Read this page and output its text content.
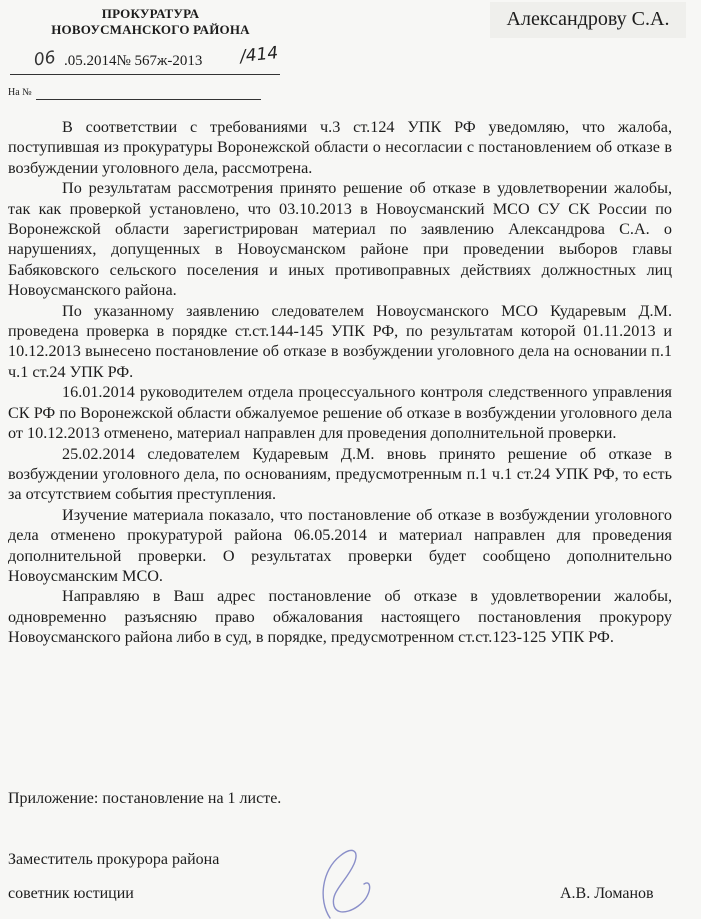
ПРОКУРАТУРА
НОВОУСМАНСКОГО РАЙОНА	Александрову С.А.
06 .05.2014№ 567ж-2013 /414
На №

В соответствии с требованиями ч.3 ст.124 УПК РФ уведомляю, что жалоба, поступившая из прокуратуры Воронежской области о несогласии с постановлением об отказе в возбуждении уголовного дела, рассмотрена.

По результатам рассмотрения принято решение об отказе в удовлетворении жалобы, так как проверкой установлено, что 03.10.2013 в Новоусманский МСО СУ СК России по Воронежской области зарегистрирован материал по заявлению Александрова С.А. о нарушениях, допущенных в Новоусманском районе при проведении выборов главы Бабяковского сельского поселения и иных противоправных действиях должностных лиц Новоусманского района.

По указанному заявлению следователем Новоусманского МСО Кударевым Д.М. проведена проверка в порядке ст.ст.144-145 УПК РФ, по результатам которой 01.11.2013 и 10.12.2013 вынесено постановление об отказе в возбуждении уголовного дела на основании п.1 ч.1 ст.24 УПК РФ.

16.01.2014 руководителем отдела процессуального контроля следственного управления СК РФ по Воронежской области обжалуемое решение об отказе в возбуждении уголовного дела от 10.12.2013 отменено, материал направлен для проведения дополнительной проверки.

25.02.2014 следователем Кударевым Д.М. вновь принято решение об отказе в возбуждении уголовного дела, по основаниям, предусмотренным п.1 ч.1 ст.24 УПК РФ, то есть за отсутствием события преступления.

Изучение материала показало, что постановление об отказе в возбуждении уголовного дела отменено прокуратурой района 06.05.2014 и материал направлен для проведения дополнительной проверки. О результатах проверки будет сообщено дополнительно Новоусманским МСО.

Направляю в Ваш адрес постановление об отказе в удовлетворении жалобы, одновременно разъясняю право обжалования настоящего постановления прокурору Новоусманского района либо в суд, в порядке, предусмотренном ст.ст.123-125 УПК РФ.

Приложение: постановление на 1 листе.
Заместитель прокурора района
советник юстиции	А.В. Ломанов
